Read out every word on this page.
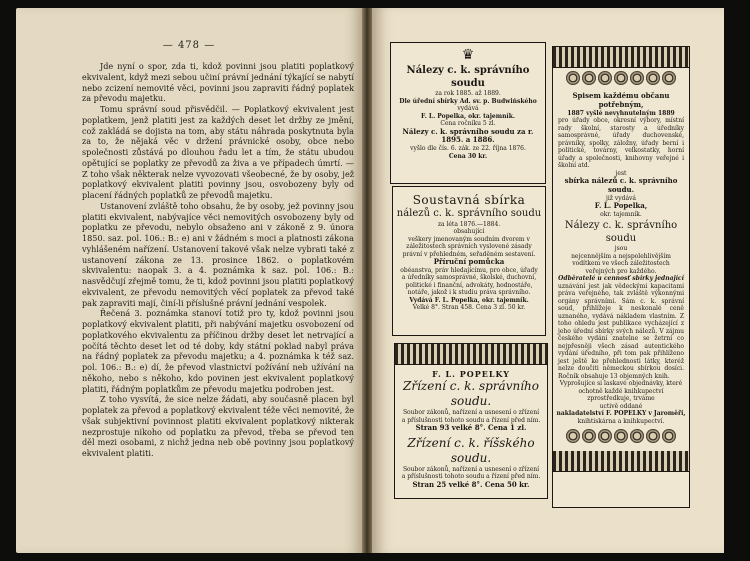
— 478 —

Jde nyní o spor, zda ti, kdož povinni jsou platiti poplatkový ekvivalent, když mezi sebou učiní právní jednání týkající se nabytí nebo zcizení nemovité věci, povinni jsou zapraviti řádný poplatek za převodu majetku.

Tomu správní soud přisvědčil. — Poplatkový ekvivalent jest poplatkem, jenž platiti jest za každých deset let držby ze jmění, což zakládá se dojista na tom, aby státu náhrada poskytnuta byla za to, že nějaká věc v držení právnické osoby, obce nebo společnosti zůstává po dlouhou řadu let a tím, že státu ubudou opětující se poplatky ze převodů za živa a ve případech úmrtí. — Z toho však některak nelze vyvozovati všeobecné, že by osoby, jež poplatkový ekvivalent platiti povinny jsou, osvobozeny byly od placení řádných poplatků ze převodů majetku.

Ustanovení zvláště toho obsahu, že by osoby, jež povinny jsou platiti ekvivalent, nabývajíce věci nemovitých osvobozeny byly od poplatku ze převodu, nebylo obsaženo ani v zákoně z 9. února 1850. saz. pol. 106.: B.: e) ani v žádném s moci a platnosti zákona vyhlášeném nařízení. Ustanovení takové však nelze vybrati také z ustanovení zákona ze 13. prosince 1862. o poplatkovém skvivalentu: naopak 3. a 4. poznámka k saz. pol. 106.: B.: nasvědčují zřejmě tomu, že ti, kdož povinni jsou platiti poplatkový ekvivalent, ze převodu nemovitých věcí poplatek za převod také pak zapraviti mají, činí-li příslušné právní jednání vespolek.

Řečená 3. poznámka stanoví totiž pro ty, kdož povinni jsou poplatkový ekvivalent platiti, při nabývání majetku osvobození od poplatkového ekvivalentu za příčinou držby deset let netrvající a počítá těchto deset let od té doby, kdy státní poklad nabyl práva na řádný poplatek za převodu majetku; a 4. poznámka k též saz. pol. 106.: B.: e) dí, že převod vlastnictví požívání neb užívání na někoho, nebo s někoho, kdo povinen jest ekvivalent poplatkový platiti, řádným poplatkům ze převodu majetku podroben jest.

Z toho vysvítá, že sice nelze žádati, aby současně placen byl poplatek za převod a poplatkový ekvivalent téže věci nemovité, že však subjektivní povinnost platiti ekvivalent poplatkový nikterak nezprostuje nikoho od poplatku za převod, třeba se převod ten děl mezi osobami, z nichž jedna neb obě povinny jsou poplatkový ekvivalent platiti.

♛
Nálezy c. k. správního soudu
za rok 1885. až 1889.
Dle úřední sbírky Ad. sv. p. Budwińského
vydává
F. L. Popelka, okr. tajemník.
Cena ročníku 5 zl.
Nálezy c. k. správního soudu za r. 1895. a 1886.
vyšlo dle čís. 6. zák. ze 22. října 1876.
Cena 30 kr.
Soustavná sbírka
nálezů c. k. správního soudu
za léta 1876.—1884.
obsahující
veškery jmenovaným soudním dvorem v záležitostech správních vyslovené zásady právní v přehledném, seřaděném sestavení.
Příruční pomůcka
obéanstva, práv hledajícímu, pro obce, úřady a úředníky samosprávné, školské, duchovní, politické i finanční, advokáty, hodnostáře, notáře, jakož i k studiu práva správního.
Vydává F. L. Popelka, okr. tajemník.
Velké 8°. Stran 458. Cena 3 zl. 50 kr.
F. L. POPELKY
Zřízení c. k. správního soudu.
Soubor zákonů, nařízení a usnesení o zřízení a příslušnosti tohoto soudu a řízení před ním.
Stran 93 velké 8°. Cena 1 zl.
Zřízení c. k. říšského soudu.
Soubor zákonů, nařízení a usnesení o zřízení a příslušnosti tohoto soudu a řízení před ním.
Stran 25 velké 8°. Cena 50 kr.
Spisem každému občanu potřebným,
1887 vyšlé nevyhnutelným 1889
pro úřady obce, okresní výbory, místní rady školní, starosty a úředníky samosprávné, úřady duchovenské, právníky, spolky, záložny, úřady berní i politické, továrny, velkostatky, horní úřady a společnosti, knihovny veřejné i školní atd.
jest
sbírka nálezů c. k. správního soudu.
již vydává
F. L. Popelka,
okr. tajemník.
Nálezy c. k. správního soudu
jsou
nejcennějším a nejspolehlivějším vodítkem ve všech záležitostech veřejných pro každého.
Odběratelé u cennosť sbírky jednající
uznávání jest jak vědeckými kapacitami práva veřejného, tak zvláště výkonnými orgány správními. Sám c. k. správní soud, přihlížeje k neskonalé ceně uznaného, vydává nákladem vlastním. Z toho ohledu jest publikace vycházející z jeho úřední sbírky svých nálezů. V zájmu českého vydání znatelne se žetrní co nejpřesněji všech zásad autentického vydání úředního, při tom pak přihlíženo jest ještě ke přehlednosti látky, kteréž nelze doučiti německou sbírkou dosíci. Ročník obsahuje 13 objemných knih.
Vyprošujíce si laskavé objednávky, které ochotně každé knihkupectví zprostředkuje, trváme
uctivě oddané
nakladatelství F. POPELKY v Jaroměři,
knihtiskárna a knihkupectví.
